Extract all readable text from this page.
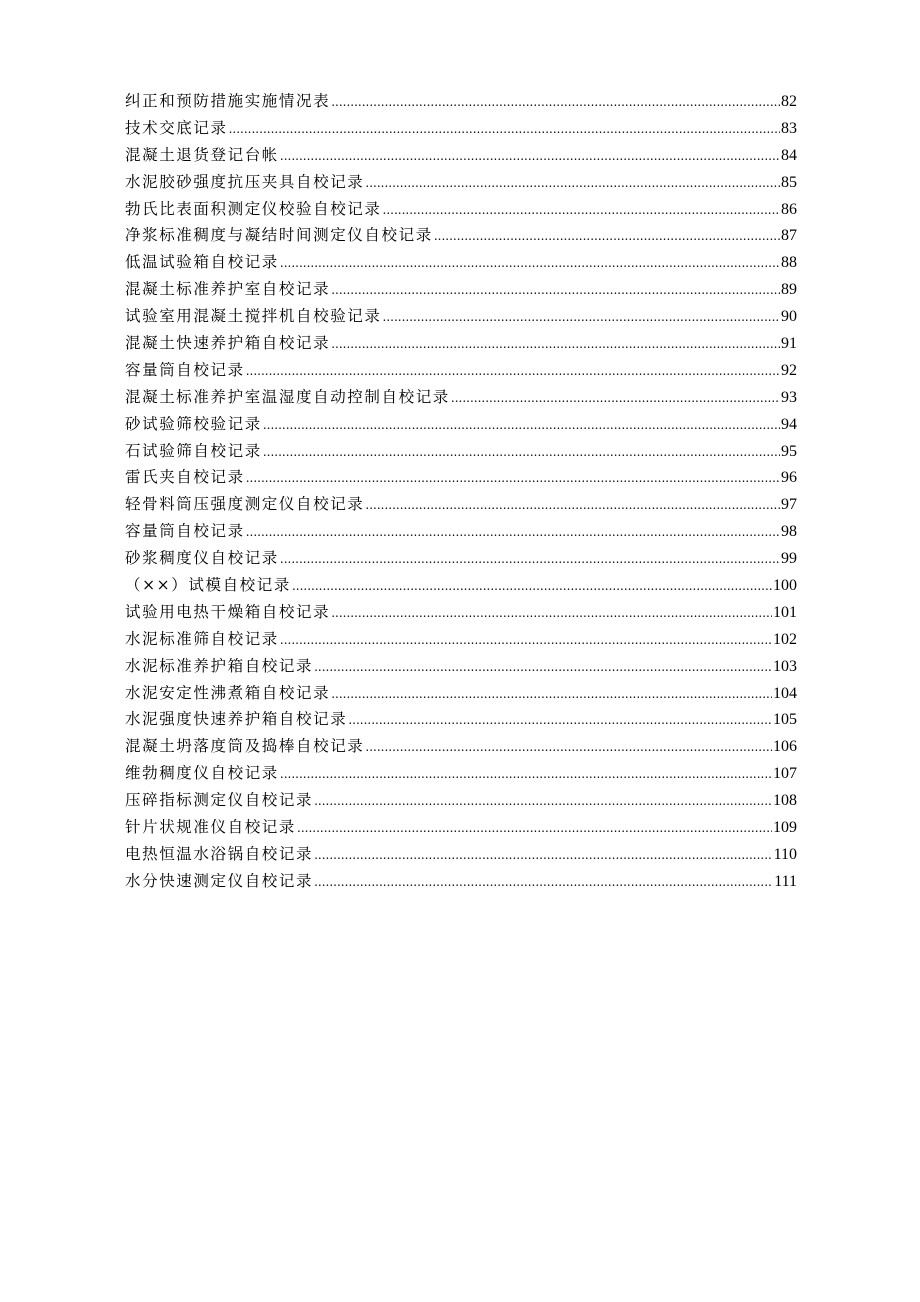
纠正和预防措施实施情况表 .....	82
技术交底记录 .....	83
混凝土退货登记台帐 .....	84
水泥胶砂强度抗压夹具自校记录 .....	85
勃氏比表面积测定仪校验自校记录 .....	86
净浆标准稠度与凝结时间测定仪自校记录 .....	87
低温试验箱自校记录 .....	88
混凝土标准养护室自校记录 .....	89
试验室用混凝土搅拌机自校验记录 .....	90
混凝土快速养护箱自校记录 .....	91
容量筒自校记录 .....	92
混凝土标准养护室温湿度自动控制自校记录 .....	93
砂试验筛校验记录 .....	94
石试验筛自校记录 .....	95
雷氏夹自校记录 .....	96
轻骨料筒压强度测定仪自校记录 .....	97
容量筒自校记录 .....	98
砂浆稠度仪自校记录 .....	99
（××）试模自校记录 .....	100
试验用电热干燥箱自校记录 .....	101
水泥标准筛自校记录 .....	102
水泥标准养护箱自校记录 .....	103
水泥安定性沸煮箱自校记录 .....	104
水泥强度快速养护箱自校记录 .....	105
混凝土坍落度筒及捣棒自校记录 .....	106
维勃稠度仪自校记录 .....	107
压碎指标测定仪自校记录 .....	108
针片状规准仪自校记录 .....	109
电热恒温水浴锅自校记录 .....	110
水分快速测定仪自校记录 .....	111
